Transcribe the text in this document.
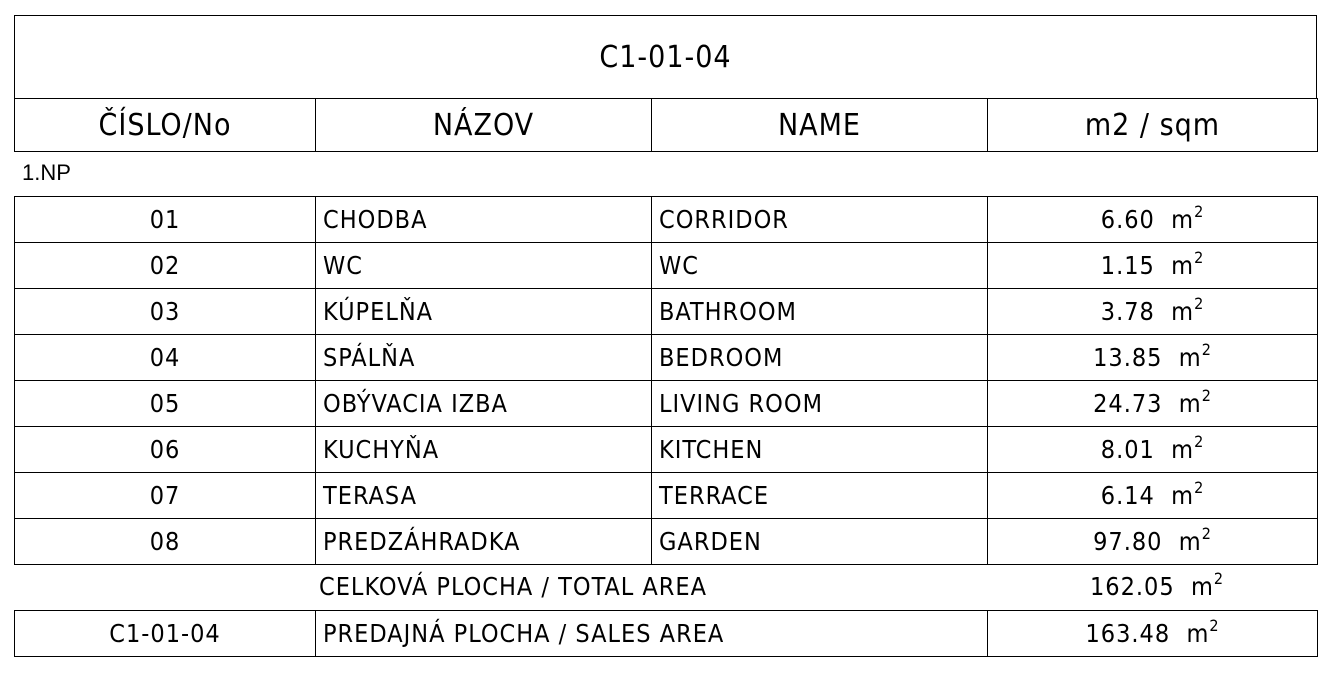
C1-01-04
ČÍSLO/No	NÁZOV	NAME	m2 / sqm
1.NP
01	CHODBA	CORRIDOR	6.60 $m^2$
02	WC	WC	1.15 $m^2$
03	KÚPELŇA	BATHROOM	3.78 $m^2$
04	SPÁLŇA	BEDROOM	13.85 $m^2$
05	OBÝVACIA IZBA	LIVING ROOM	24.73 $m^2$
06	KUCHYŇA	KITCHEN	8.01 $m^2$
07	TERASA	TERRACE	6.14 $m^2$
08	PREDZÁHRADKA	GARDEN	97.80 $m^2$
CELKOVÁ PLOCHA / TOTAL AREA	162.05 $m^2$
C1-01-04	PREDAJNÁ PLOCHA / SALES AREA	163.48 $m^2$
